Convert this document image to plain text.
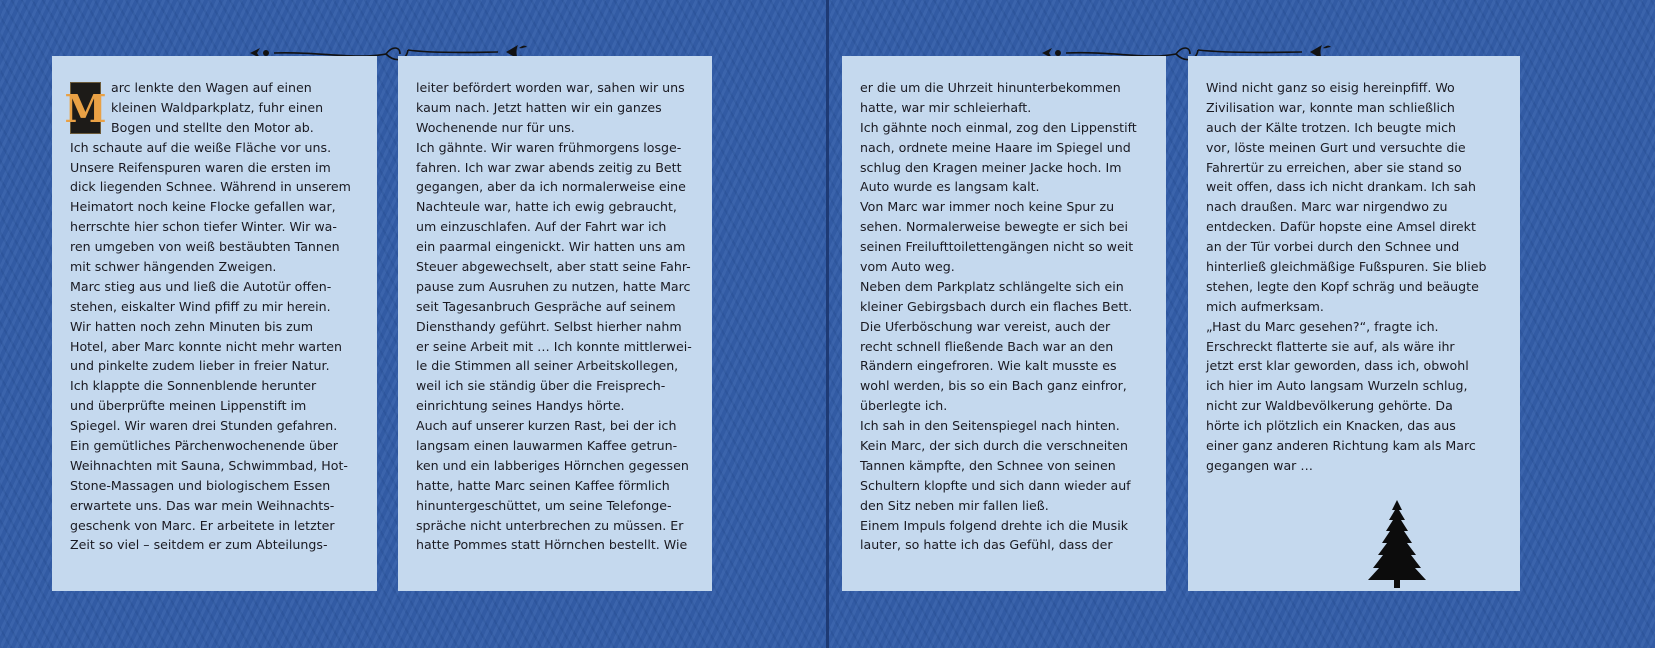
arc lenkte den Wagen auf einen
kleinen Waldparkplatz, fuhr einen
Bogen und stellte den Motor ab.
Ich schaute auf die weiße Fläche vor uns.
Unsere Reifenspuren waren die ersten im
dick liegenden Schnee. Während in unserem
Heimatort noch keine Flocke gefallen war,
herrschte hier schon tiefer Winter. Wir wa-
ren umgeben von weiß bestäubten Tannen
mit schwer hängenden Zweigen.
Marc stieg aus und ließ die Autotür offen-
stehen, eiskalter Wind pfiff zu mir herein.
Wir hatten noch zehn Minuten bis zum
Hotel, aber Marc konnte nicht mehr warten
und pinkelte zudem lieber in freier Natur.
Ich klappte die Sonnenblende herunter
und überprüfte meinen Lippenstift im
Spiegel. Wir waren drei Stunden gefahren.
Ein gemütliches Pärchenwochenende über
Weihnachten mit Sauna, Schwimmbad, Hot-
Stone-Massagen und biologischem Essen
erwartete uns. Das war mein Weihnachts-
geschenk von Marc. Er arbeitete in letzter
Zeit so viel – seitdem er zum Abteilungs-
M	leiter befördert worden war, sahen wir uns
kaum nach. Jetzt hatten wir ein ganzes
Wochenende nur für uns.
Ich gähnte. Wir waren frühmorgens losge-
fahren. Ich war zwar abends zeitig zu Bett
gegangen, aber da ich normalerweise eine
Nachteule war, hatte ich ewig gebraucht,
um einzuschlafen. Auf der Fahrt war ich
ein paarmal eingenickt. Wir hatten uns am
Steuer abgewechselt, aber statt seine Fahr-
pause zum Ausruhen zu nutzen, hatte Marc
seit Tagesanbruch Gespräche auf seinem
Diensthandy geführt. Selbst hierher nahm
er seine Arbeit mit … Ich konnte mittlerwei-
le die Stimmen all seiner Arbeitskollegen,
weil ich sie ständig über die Freisprech-
einrichtung seines Handys hörte.
Auch auf unserer kurzen Rast, bei der ich
langsam einen lauwarmen Kaffee getrun-
ken und ein labberiges Hörnchen gegessen
hatte, hatte Marc seinen Kaffee förmlich
hinuntergeschüttet, um seine Telefonge-
spräche nicht unterbrechen zu müssen. Er
hatte Pommes statt Hörnchen bestellt. Wie
er die um die Uhrzeit hinunterbekommen
hatte, war mir schleierhaft.
Ich gähnte noch einmal, zog den Lippenstift
nach, ordnete meine Haare im Spiegel und
schlug den Kragen meiner Jacke hoch. Im
Auto wurde es langsam kalt.
Von Marc war immer noch keine Spur zu
sehen. Normalerweise bewegte er sich bei
seinen Freilufttoilettengängen nicht so weit
vom Auto weg.
Neben dem Parkplatz schlängelte sich ein
kleiner Gebirgsbach durch ein flaches Bett.
Die Uferböschung war vereist, auch der
recht schnell fließende Bach war an den
Rändern eingefroren. Wie kalt musste es
wohl werden, bis so ein Bach ganz einfror,
überlegte ich.
Ich sah in den Seitenspiegel nach hinten.
Kein Marc, der sich durch die verschneiten
Tannen kämpfte, den Schnee von seinen
Schultern klopfte und sich dann wieder auf
den Sitz neben mir fallen ließ.
Einem Impuls folgend drehte ich die Musik
lauter, so hatte ich das Gefühl, dass der
Wind nicht ganz so eisig hereinpfiff. Wo
Zivilisation war, konnte man schließlich
auch der Kälte trotzen. Ich beugte mich
vor, löste meinen Gurt und versuchte die
Fahrertür zu erreichen, aber sie stand so
weit offen, dass ich nicht drankam. Ich sah
nach draußen. Marc war nirgendwo zu
entdecken. Dafür hopste eine Amsel direkt
an der Tür vorbei durch den Schnee und
hinterließ gleichmäßige Fußspuren. Sie blieb
stehen, legte den Kopf schräg und beäugte
mich aufmerksam.
„Hast du Marc gesehen?“, fragte ich.
Erschreckt flatterte sie auf, als wäre ihr
jetzt erst klar geworden, dass ich, obwohl
ich hier im Auto langsam Wurzeln schlug,
nicht zur Waldbevölkerung gehörte. Da
hörte ich plötzlich ein Knacken, das aus
einer ganz anderen Richtung kam als Marc
gegangen war …
